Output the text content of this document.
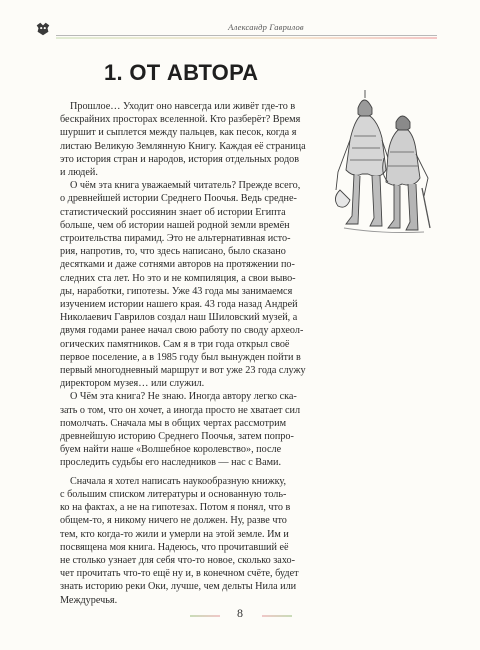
Александр Гаврилов
1. ОТ АВТОРА
Прошлое… Уходит оно навсегда или живёт где-то в
бескрайних просторах вселенной. Кто разберёт? Время
шуршит и сыплется между пальцев, как песок, когда я
листаю Великую Землянную Книгу. Каждая её страница
это история стран и народов, история отдельных родов
и людей.
О чём эта книга уважаемый читатель? Прежде всего,
о древнейшей истории Среднего Поочья. Ведь средне-
статистический россиянин знает об истории Египта
больше, чем об истории нашей родной земли времён
строительства пирамид. Это не альтернативная исто-
рия, напротив, то, что здесь написано, было сказано
десятками и даже сотнями авторов на протяжении по-
следних ста лет. Но это и не компиляция, а свои выво-
ды, наработки, гипотезы. Уже 43 года мы занимаемся
изучением истории нашего края. 43 года назад Андрей
Николаевич Гаврилов создал наш Шиловский музей, а
двумя годами ранее начал свою работу по своду археол-
огических памятников. Сам я в три года открыл своё
первое поселение, а в 1985 году был вынужден пойти в
первый многодневный маршрут и вот уже 23 года служу
директором музея… или служил.
О Чём эта книга? Не знаю. Иногда автору легко ска-
зать о том, что он хочет, а иногда просто не хватает сил
помолчать. Сначала мы в общих чертах рассмотрим
древнейшую историю Среднего Поочья, затем попро-
буем найти наше «Волшебное королевство», после
проследить судьбы его наследников — нас с Вами.
Сначала я хотел написать наукообразную книжку,
с большим списком литературы и основанную толь-
ко на фактах, а не на гипотезах. Потом я понял, что в
общем-то, я никому ничего не должен. Ну, разве что
тем, кто когда-то жили и умерли на этой земле. Им и
посвящена моя книга. Надеюсь, что прочитавший её
не столько узнает для себя что-то новое, сколько захо-
чет прочитать что-то ещё ну и, в конечном счёте, будет
знать историю реки Оки, лучше, чем дельты Нила или
Междуречья.
8
